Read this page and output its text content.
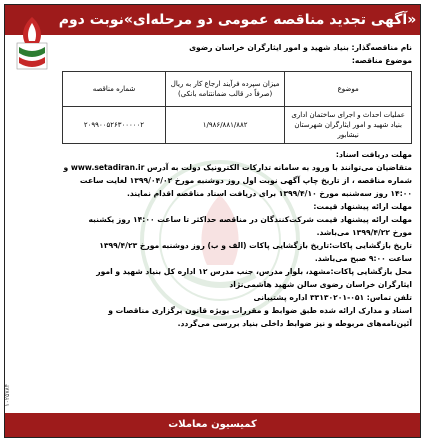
«آگهی تجدید مناقصه عمومی دو مرحله‌ای»نوبت دوم

نام مناقصه‌گذار: بنیاد شهید و امور ایثارگران خراسان رضوی

موضوع مناقصه:

موضوع	میزان سپرده فرآیند ارجاع کار به ریال (صرفاً در قالب ضمانتنامه بانکی)	شماره مناقصه
عملیات احداث و اجرای ساختمان اداری بنیاد شهید و امور ایثارگران شهرستان نیشابور	۱/۹۸۶/۸۸۱/۸۸۲	۲۰۹۹۰۰۵۲۶۳۰۰۰۰۰۲

مهلت دریافت اسناد:

متقاضیان می‌توانند با ورود به سامانه تدارکات الکترونیک دولت به آدرس www.setadiran.ir و

شماره مناقصه ، از تاریخ چاپ آگهی نوبت اول روز دوشنبه مورخ ۱۳۹۹/۰۴/۰۲ لغایت ساعت

۱۴:۰۰ روز سه‌شنبه مورخ ۱۳۹۹/۴/۱۰ برای دریافت اسناد مناقصه اقدام نمایند.

مهلت ارائه پیشنهاد قیمت:

مهلت ارائه پیشنهاد قیمت شرکت‌کنندگان در مناقصه حداکثر تا ساعت ۱۴:۰۰ روز یکشنبه

مورخ ۱۳۹۹/۴/۲۲ می‌باشد.

تاریخ بازگشایی پاکات:تاریخ بازگشایی پاکات (الف و ب) روز دوشنبه مورخ ۱۳۹۹/۴/۲۳

ساعت ۹:۰۰ صبح می‌باشد.

محل بازگشایی پاکات:مشهد، بلوار مدرس، جنب مدرس ۱۲ اداره کل بنیاد شهید و امور

ایثارگران خراسان رضوی سالن شهید هاشمی‌نژاد

تلفن تماس: ۰۵۱-۳۳۱۳۰۲۰۱ اداره پشتیبانی

اسناد و مدارک ارائه شده طبق ضوابط و مقررات بویژه قانون برگزاری مناقصات و

آئین‌نامه‌های مربوطه و نیز ضوابط داخلی بنیاد بررسی می‌گردد.

۱۰۲۵۷۸۴
کمیسیون معاملات
